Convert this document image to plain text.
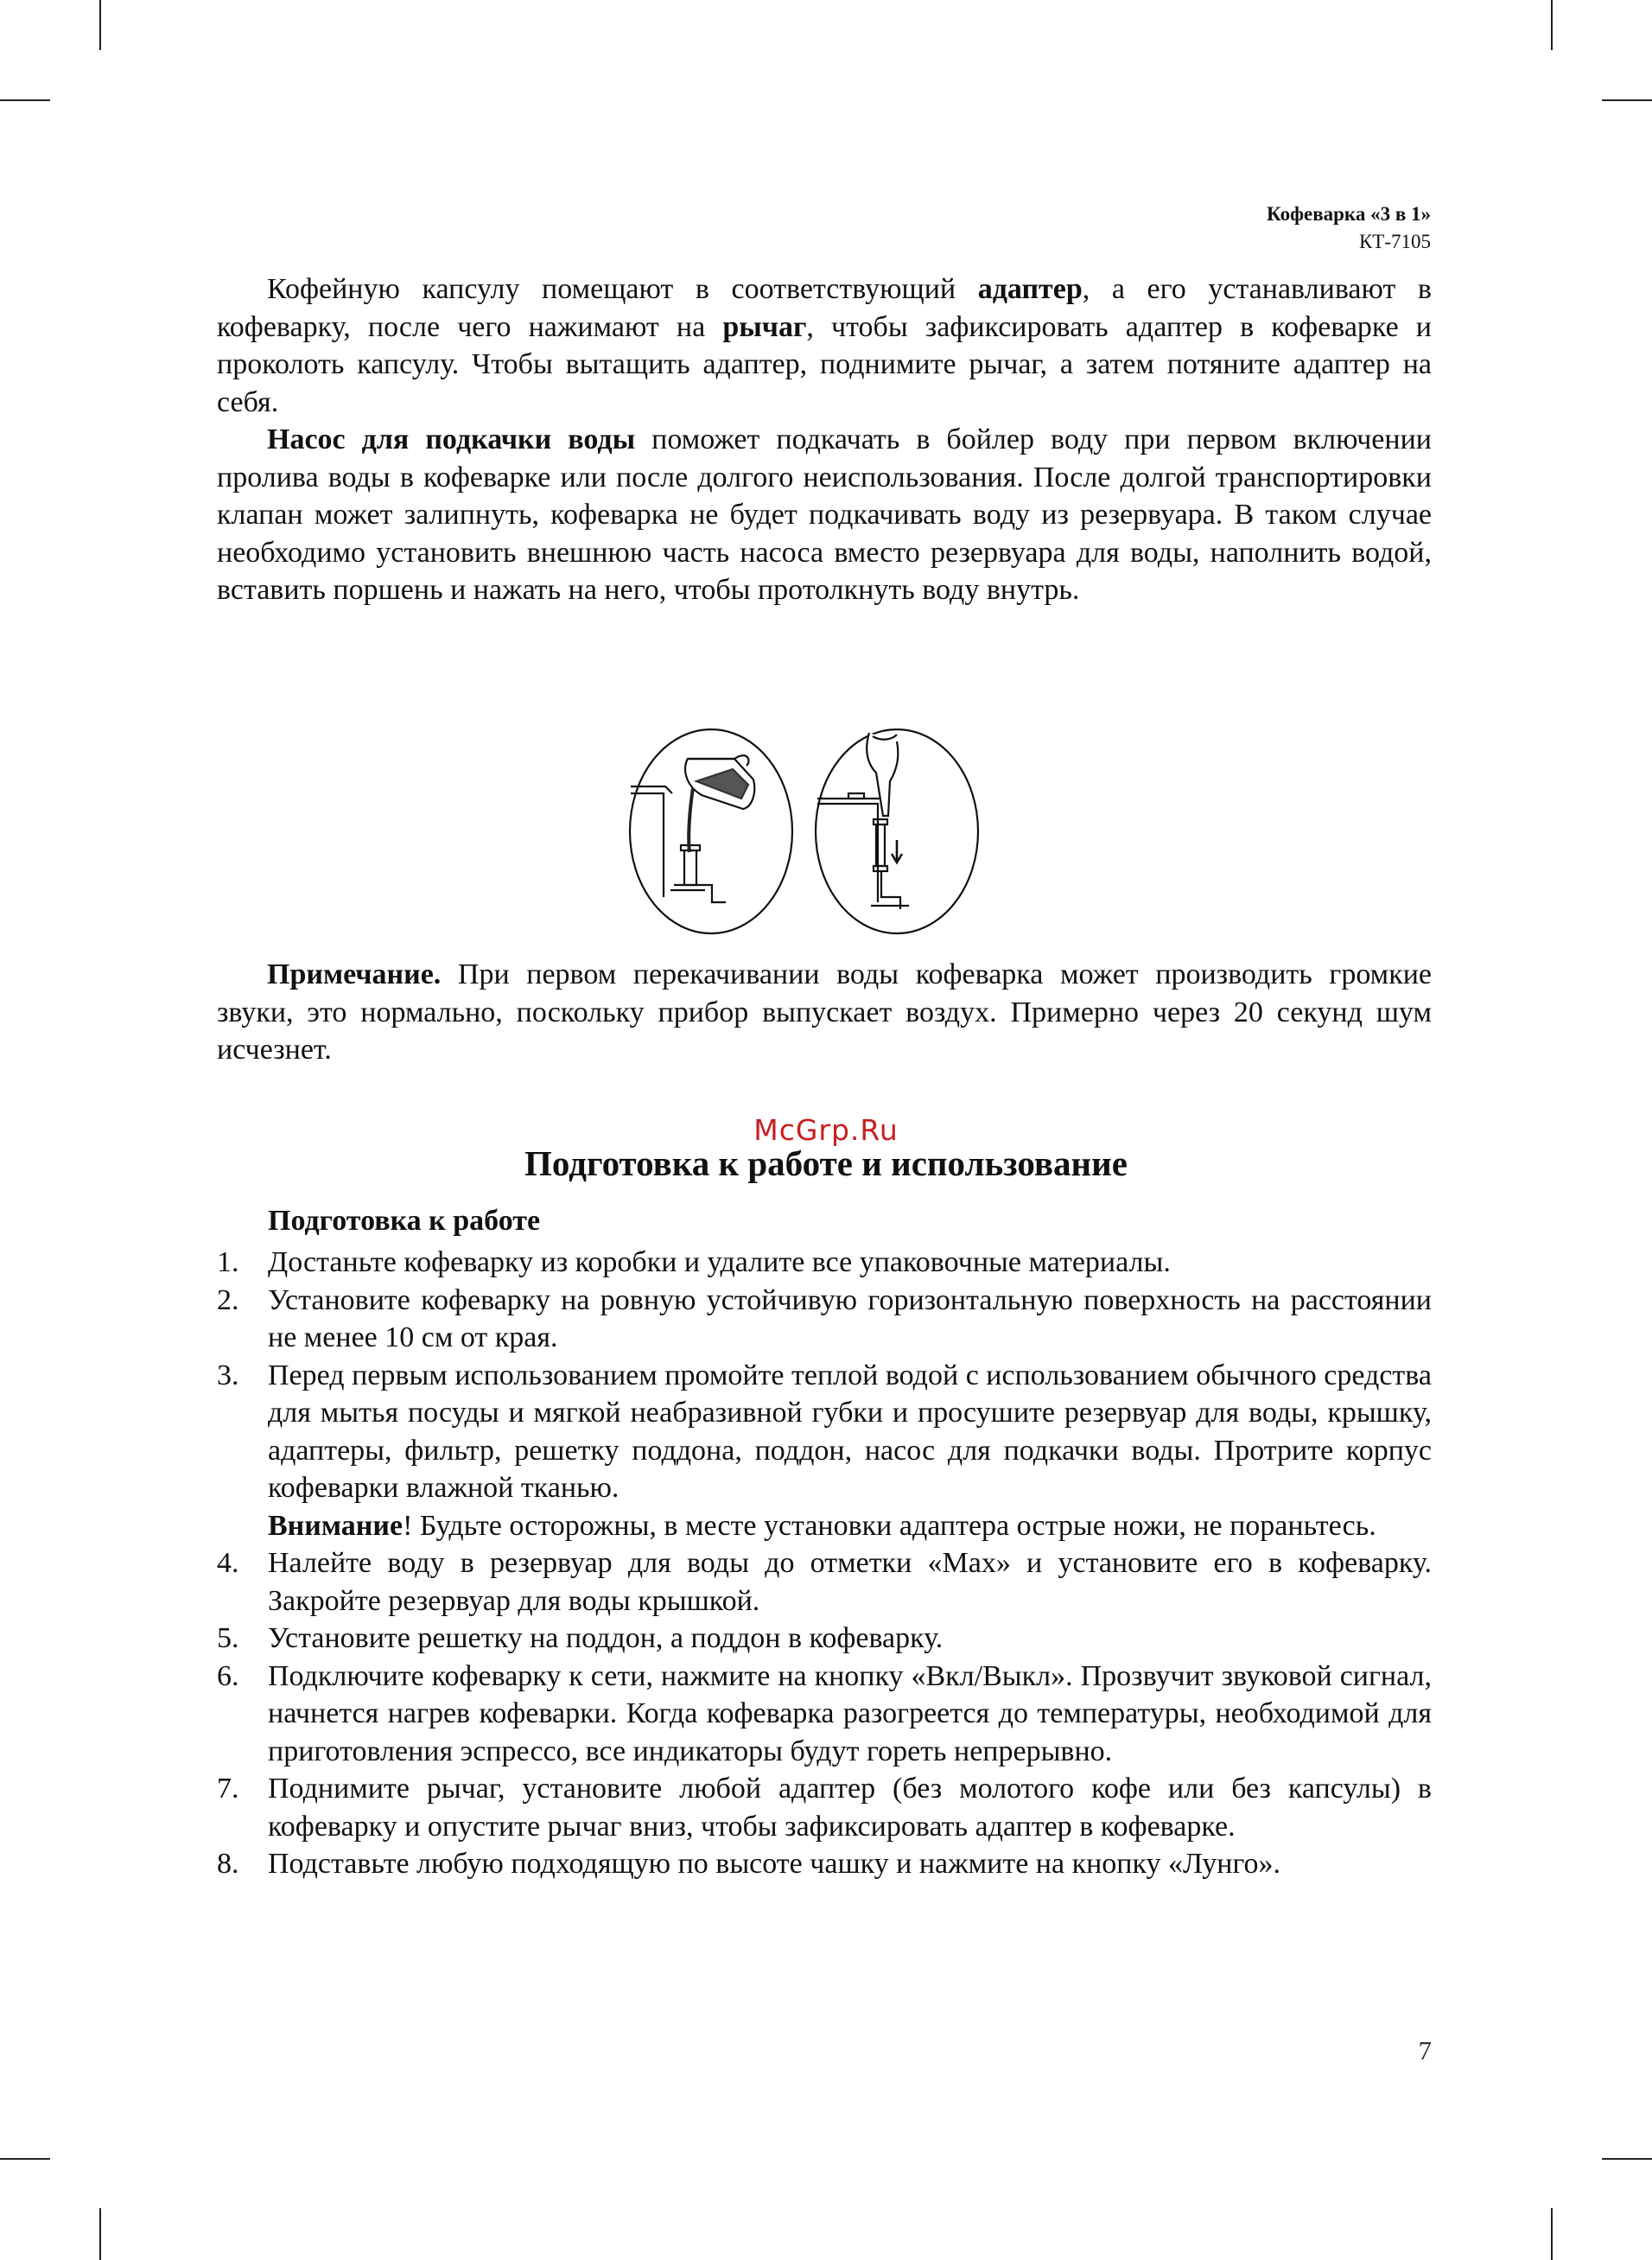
Кофеварка «3 в 1»
КТ-7105

Кофейную капсулу помещают в соответствующий адаптер, а его устанавливают в кофеварку, после чего нажимают на рычаг, чтобы зафиксировать адаптер в кофеварке и проколоть капсулу. Чтобы вытащить адаптер, поднимите рычаг, а затем потяните адаптер на себя.

Насос для подкачки воды поможет подкачать в бойлер воду при первом включении пролива воды в кофеварке или после долгого неиспользования. После долгой транспортировки клапан может залипнуть, кофеварка не будет подкачивать воду из резервуара. В таком случае необходимо установить внешнюю часть насоса вместо резервуара для воды, наполнить водой, вставить поршень и нажать на него, чтобы протолкнуть воду внутрь.

Примечание. При первом перекачивании воды кофеварка может производить громкие звуки, это нормально, поскольку прибор выпускает воздух. Примерно через 20 секунд шум исчезнет.

McGrp.Ru
Подготовка к работе и использование
Подготовка к работе
1. Достаньте кофеварку из коробки и удалите все упаковочные материалы.
2. Установите кофеварку на ровную устойчивую горизонтальную поверхность на расстоянии не менее 10 см от края.
3. Перед первым использованием промойте теплой водой с использованием обычного средства для мытья посуды и мягкой неабразивной губки и просушите резервуар для воды, крышку, адаптеры, фильтр, решетку поддона, поддон, насос для подкачки воды. Протрите корпус кофеварки влажной тканью.
Внимание! Будьте осторожны, в месте установки адаптера острые ножи, не пораньтесь.
4. Налейте воду в резервуар для воды до отметки «Max» и установите его в кофеварку. Закройте резервуар для воды крышкой.
5. Установите решетку на поддон, а поддон в кофеварку.
6. Подключите кофеварку к сети, нажмите на кнопку «Вкл/Выкл». Прозвучит звуковой сигнал, начнется нагрев кофеварки. Когда кофеварка разогреется до температуры, необходимой для приготовления эспрессо, все индикаторы будут гореть непрерывно.
7. Поднимите рычаг, установите любой адаптер (без молотого кофе или без капсулы) в кофеварку и опустите рычаг вниз, чтобы зафиксировать адаптер в кофеварке.
8. Подставьте любую подходящую по высоте чашку и нажмите на кнопку «Лунго».
7
